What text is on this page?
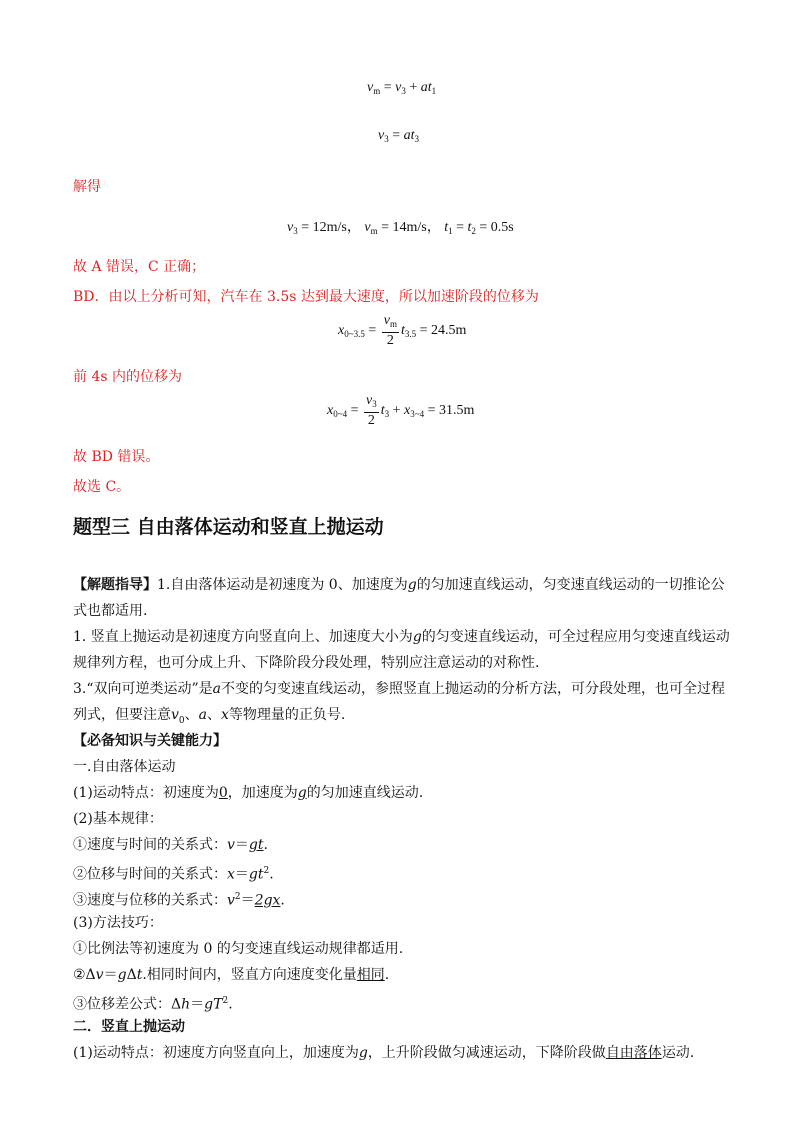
$v_m = v_3 + at_1$
$v_3 = at_3$
解得
$v_3 = 12m/s$， $v_m = 14m/s$， $t_1 = t_2 = 0.5s$
故 A 错误，C 正确；
BD．由以上分析可知，汽车在 3.5s 达到最大速度，所以加速阶段的位移为
$x_{0\sim 3.5} = \frac{v_m}{2} t_{3.5} = 24.5m$
前 4s 内的位移为
$x_{0\sim 4} = \frac{v_3}{2} t_3 + x_{3\sim 4} = 31.5m$
故 BD 错误。
故选 C。
题型三 自由落体运动和竖直上抛运动
【解题指导】1.自由落体运动是初速度为 0、加速度为g的匀加速直线运动，匀变速直线运动的一切推论公式也都适用.
1. 竖直上抛运动是初速度方向竖直向上、加速度大小为g的匀变速直线运动，可全过程应用匀变速直线运动规律列方程，也可分成上升、下降阶段分段处理，特别应注意运动的对称性.
3.“双向可逆类运动”是a不变的匀变速直线运动，参照竖直上抛运动的分析方法，可分段处理，也可全过程列式，但要注意$v_0$、a、x等物理量的正负号.
【必备知识与关键能力】
一.自由落体运动
(1)运动特点：初速度为0，加速度为g的匀加速直线运动.
(2)基本规律：
①速度与时间的关系式：v＝gt.
②位移与时间的关系式：$x=gt^2$.
③速度与位移的关系式：$v^2=2gx$.
(3)方法技巧：
①比例法等初速度为 0 的匀变速直线运动规律都适用.
②Δv＝gΔt.相同时间内，竖直方向速度变化量相同.
③位移差公式：$\Delta h=gT^2$.
二．竖直上抛运动
(1)运动特点：初速度方向竖直向上，加速度为g，上升阶段做匀减速运动，下降阶段做自由落体运动.
